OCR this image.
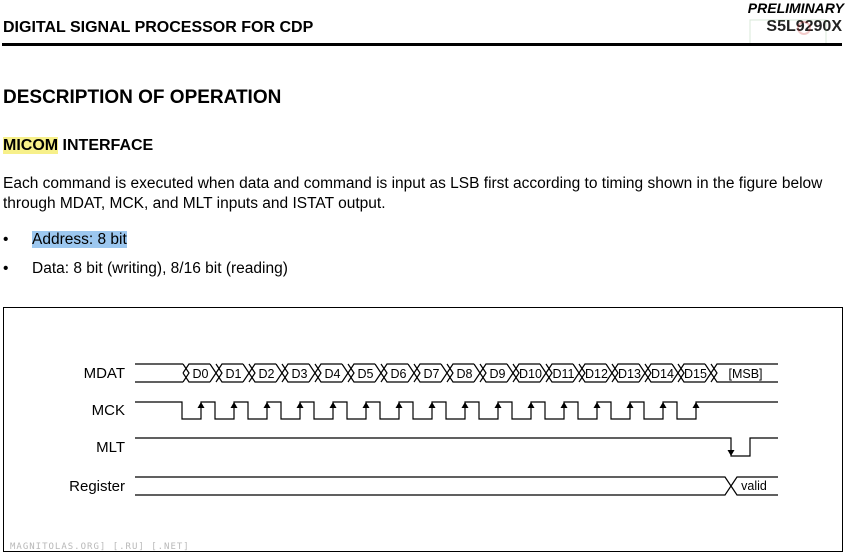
PRELIMINARY
DIGITAL SIGNAL PROCESSOR FOR CDP	S5L9290X
DESCRIPTION OF OPERATION
MICOM INTERFACE
Each command is executed when data and command is input as LSB first according to timing shown in the figure below through MDAT, MCK, and MLT inputs and ISTAT output.
• Address: 8 bit
• Data: 8 bit (writing), 8/16 bit (reading)
MDAT
MCK
MLT
Register
D0 D1 D2 D3 D4 D5 D6 D7 D8 D9 D10 D11 D12 D13 D14 D15 [MSB]
valid
MAGNITOLAS.ORG] [.RU] [.NET]
